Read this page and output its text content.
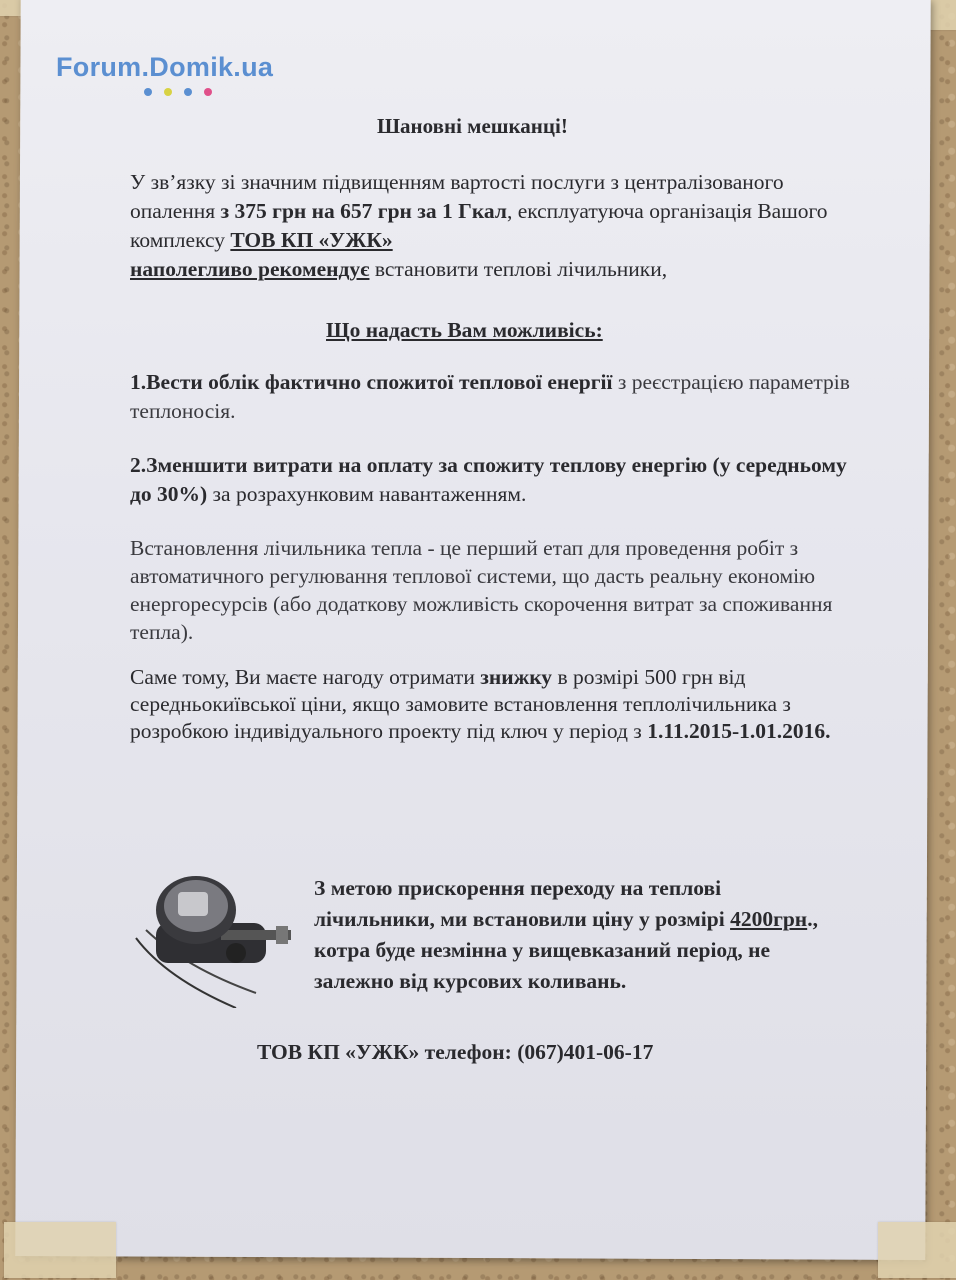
Forum.Domik.ua
Шановні мешканці!
У зв’язку зі значним підвищенням вартості послуги з централізованого опалення з 375 грн на 657 грн за 1 Гкал, експлуатуюча організація Вашого комплексу ТОВ КП «УЖК»
наполегливо рекомендує встановити теплові лічильники,
Що надасть Вам можливісь:
1.Вести облік фактично спожитої теплової енергії з реєстрацією параметрів теплоносія.
2.Зменшити витрати на оплату за спожиту теплову енергію (у середньому до 30%) за розрахунковим навантаженням.
Встановлення лічильника тепла - це перший етап для проведення робіт з автоматичного регулювання теплової системи, що дасть реальну економію енергоресурсів (або додаткову можливість скорочення витрат за споживання тепла).
Саме тому, Ви маєте нагоду отримати знижку в розмірі 500 грн від середньокиївської ціни, якщо замовите встановлення теплолічильника з розробкою індивідуального проекту під ключ у період з 1.11.2015-1.01.2016.
З метою прискорення переходу на теплові лічильники, ми встановили ціну у розмірі 4200грн., котра буде незмінна у вищевказаний період, не залежно від курсових коливань.
ТОВ КП «УЖК» телефон: (067)401-06-17
